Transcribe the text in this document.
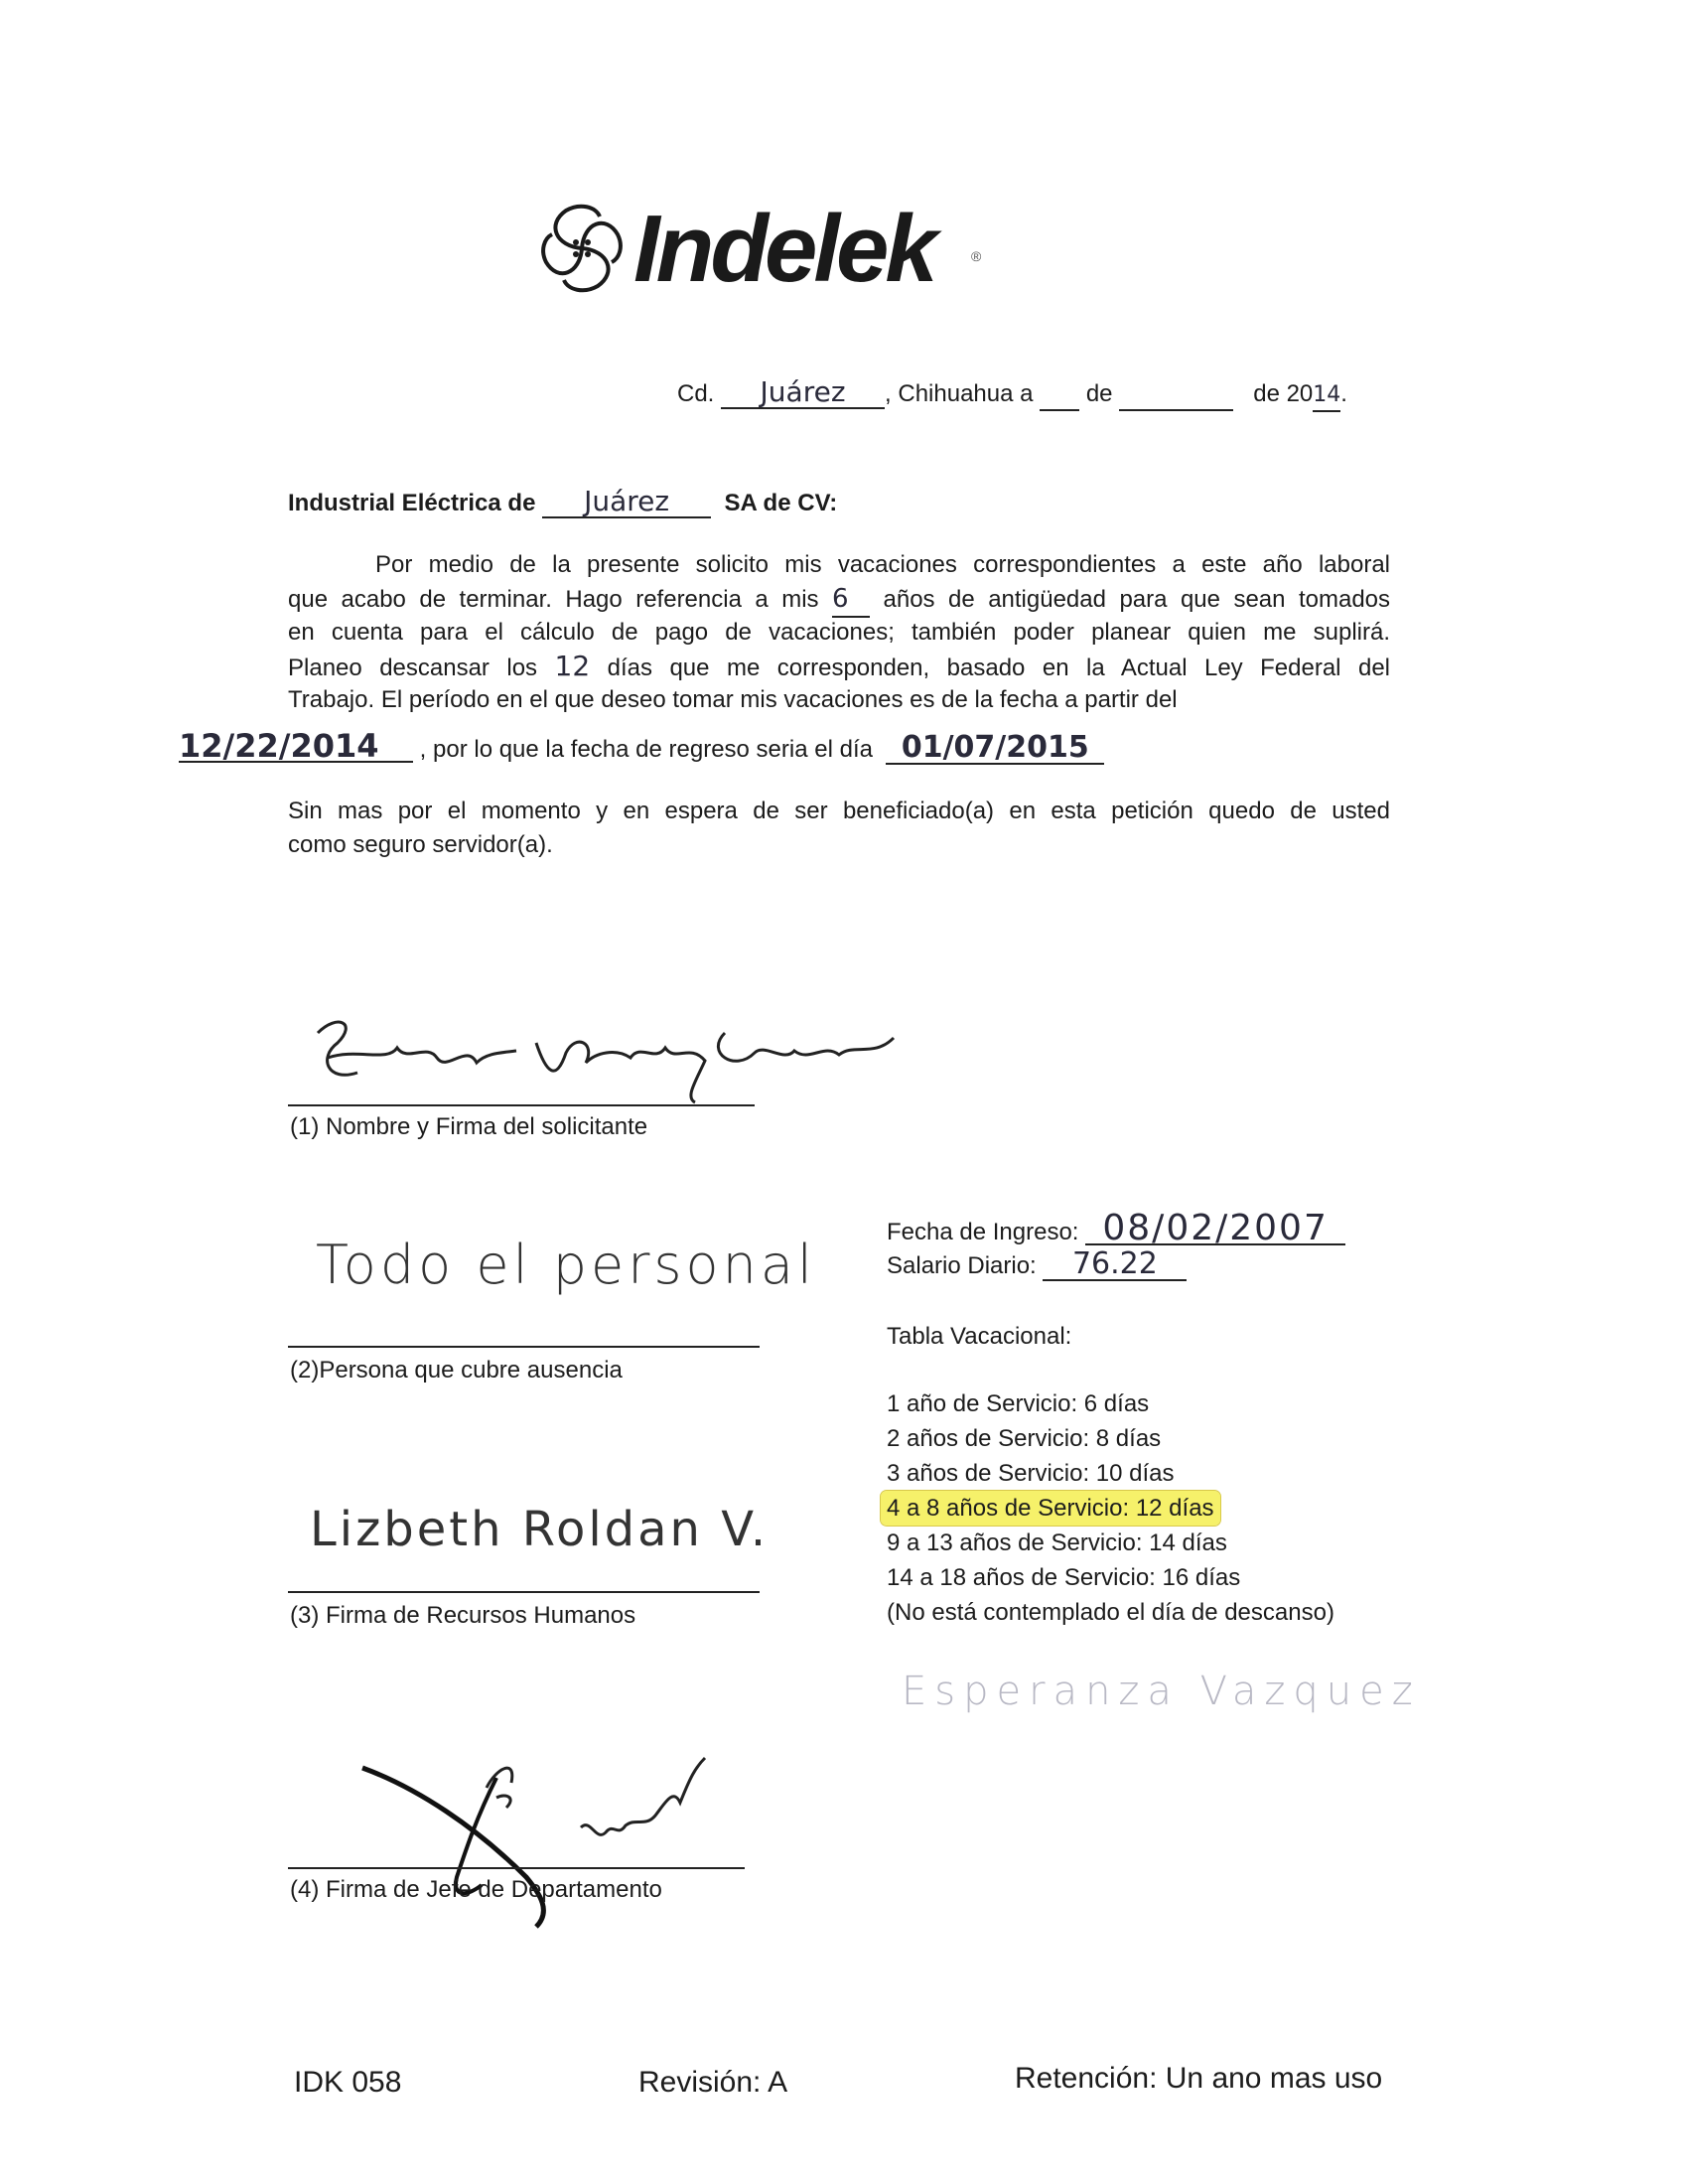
Indelek	®
Cd. Juárez , Chihuahua a de	de 2014.
Industrial Eléctrica de Juárez SA de CV:
Por medio de la presente solicito mis vacaciones correspondientes a este año laboral
que acabo de terminar. Hago referencia a mis 6 años de antigüedad para que sean tomados
en cuenta para el cálculo de pago de vacaciones; también poder planear quien me suplirá.
Planeo descansar los 12 días que me corresponden, basado en la Actual Ley Federal del
Trabajo. El período en el que deseo tomar mis vacaciones es de la fecha a partir del
12/22/2014 , por lo que la fecha de regreso seria el día 01/07/2015
Sin mas por el momento y en espera de ser beneficiado(a) en esta petición quedo de usted
como seguro servidor(a).
(1) Nombre y Firma del solicitante
Todo el personal
(2)Persona que cubre ausencia
Lizbeth Roldan V.
(3) Firma de Recursos Humanos
(4) Firma de Jefe de Departamento
Fecha de Ingreso: 08/02/2007
Salario Diario: 76.22
Tabla Vacacional:
1 año de Servicio: 6 días
2 años de Servicio: 8 días
3 años de Servicio: 10 días
4 a 8 años de Servicio: 12 días
9 a 13 años de Servicio: 14 días
14 a 18 años de Servicio: 16 días
(No está contemplado el día de descanso)
Esperanza Vazquez
IDK 058	Revisión: A	Retención: Un ano mas uso
